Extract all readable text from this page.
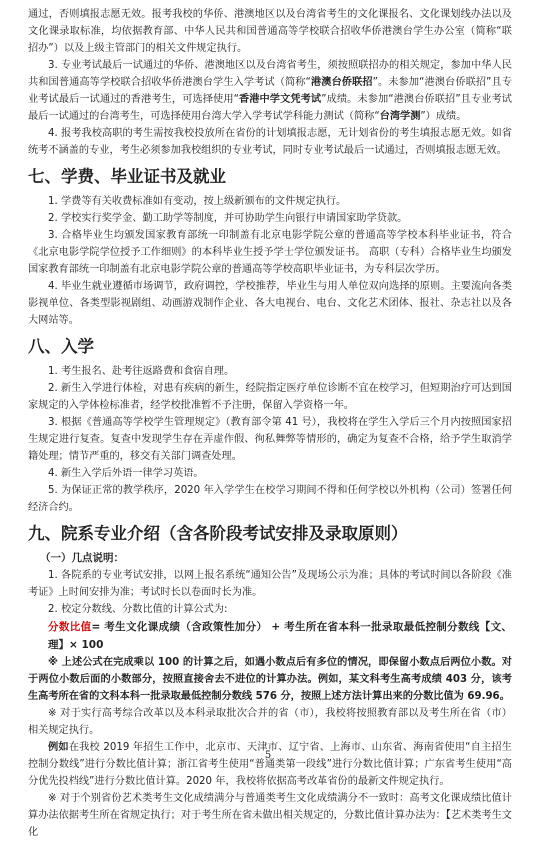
通过，否则填报志愿无效。报考我校的华侨、港澳地区以及台湾省考生的文化课报名、文化课划线办法以及文化课录取标准，均依据教育部、中华人民共和国普通高等学校联合招收华侨港澳台学生办公室（简称“联招办”）以及上级主管部门的相关文件规定执行。

3. 专业考试最后一试通过的华侨、港澳地区以及台湾省考生，须按照联招办的相关规定，参加中华人民共和国普通高等学校联合招收华侨港澳台学生入学考试（简称“港澳台侨联招”。未参加“港澳台侨联招”且专业考试最后一试通过的香港考生，可选择使用“香港中学文凭考试”成绩。未参加“港澳台侨联招”且专业考试最后一试通过的台湾考生，可选择使用台湾大学入学考试学科能力测试（简称“台湾学测”）成绩。

4. 报考我校高职的考生需按我校投放所在省份的计划填报志愿，无计划省份的考生填报志愿无效。如省统考不涵盖的专业，考生必须参加我校组织的专业考试，同时专业考试最后一试通过，否则填报志愿无效。

七、学费、毕业证书及就业

1. 学费等有关收费标准如有变动，按上级新颁布的文件规定执行。

2. 学校实行奖学金、勤工助学等制度，并可协助学生向银行申请国家助学贷款。

3. 合格毕业生均颁发国家教育部统一印制盖有北京电影学院公章的普通高等学校本科毕业证书，符合《北京电影学院学位授予工作细则》的本科毕业生授予学士学位颁发证书。 高职（专科）合格毕业生均颁发国家教育部统一印制盖有北京电影学院公章的普通高等学校高职毕业证书，为专科层次学历。

4. 毕业生就业遵循市场调节，政府调控，学校推荐，毕业生与用人单位双向选择的原则。主要流向各类影视单位、各类型影视剧组、动画游戏制作企业、各大电视台、电台、文化艺术团体、报社、杂志社以及各大网站等。

八、入学

1. 考生报名、赴考往返路费和食宿自理。

2. 新生入学进行体检，对患有疾病的新生，经院指定医疗单位诊断不宜在校学习，但短期治疗可达到国家规定的入学体检标准者，经学校批准暂不予注册，保留入学资格一年。

3. 根据《普通高等学校学生管理规定》（教育部令第 41 号），我校将在学生入学后三个月内按照国家招生规定进行复查。复查中发现学生存在弄虚作假、徇私舞弊等情形的，确定为复查不合格，给予学生取消学籍处理；情节严重的，移交有关部门调查处理。

4. 新生入学后外语一律学习英语。

5. 为保证正常的教学秩序，2020 年入学学生在校学习期间不得和任何学校以外机构（公司）签署任何经济合约。

九、院系专业介绍（含各阶段考试安排及录取原则）
（一）几点说明：

1. 各院系的专业考试安排，以网上报名系统“通知公告”及现场公示为准；具体的考试时间以各阶段《准考证》上时间安排为准；考试时长以卷面时长为准。

2. 校定分数线、分数比值的计算公式为:

分数比值= 考生文化课成绩（含政策性加分） + 考生所在省本科一批录取最低控制分数线【文、理】× 100

※ 上述公式在完成乘以 100 的计算之后，如遇小数点后有多位的情况，即保留小数点后两位小数。对于两位小数后面的小数部分，按照直接舍去不进位的计算办法。例如，某文科考生高考成绩 403 分，该考生高考所在省的文科本科一批录取最低控制分数线 576 分，按照上述方法计算出来的分数比值为 69.96。

※ 对于实行高考综合改革以及本科录取批次合并的省（市），我校将按照教育部以及考生所在省（市）相关规定执行。

例如在我校 2019 年招生工作中，北京市、天津市、辽宁省、上海市、山东省、海南省使用“自主招生控制分数线”进行分数比值计算；浙江省考生使用“普通类第一段线”进行分数比值计算；广东省考生使用“高分优先投档线”进行分数比值计算。2020 年，我校将依据高考改革省份的最新文件规定执行。

※ 对于个别省份艺术类考生文化成绩满分与普通类考生文化成绩满分不一致时：高考文化课成绩比值计算办法依据考生所在省规定执行；对于考生所在省未做出相关规定的，分数比值计算办法为：【艺术类考生文化

5
